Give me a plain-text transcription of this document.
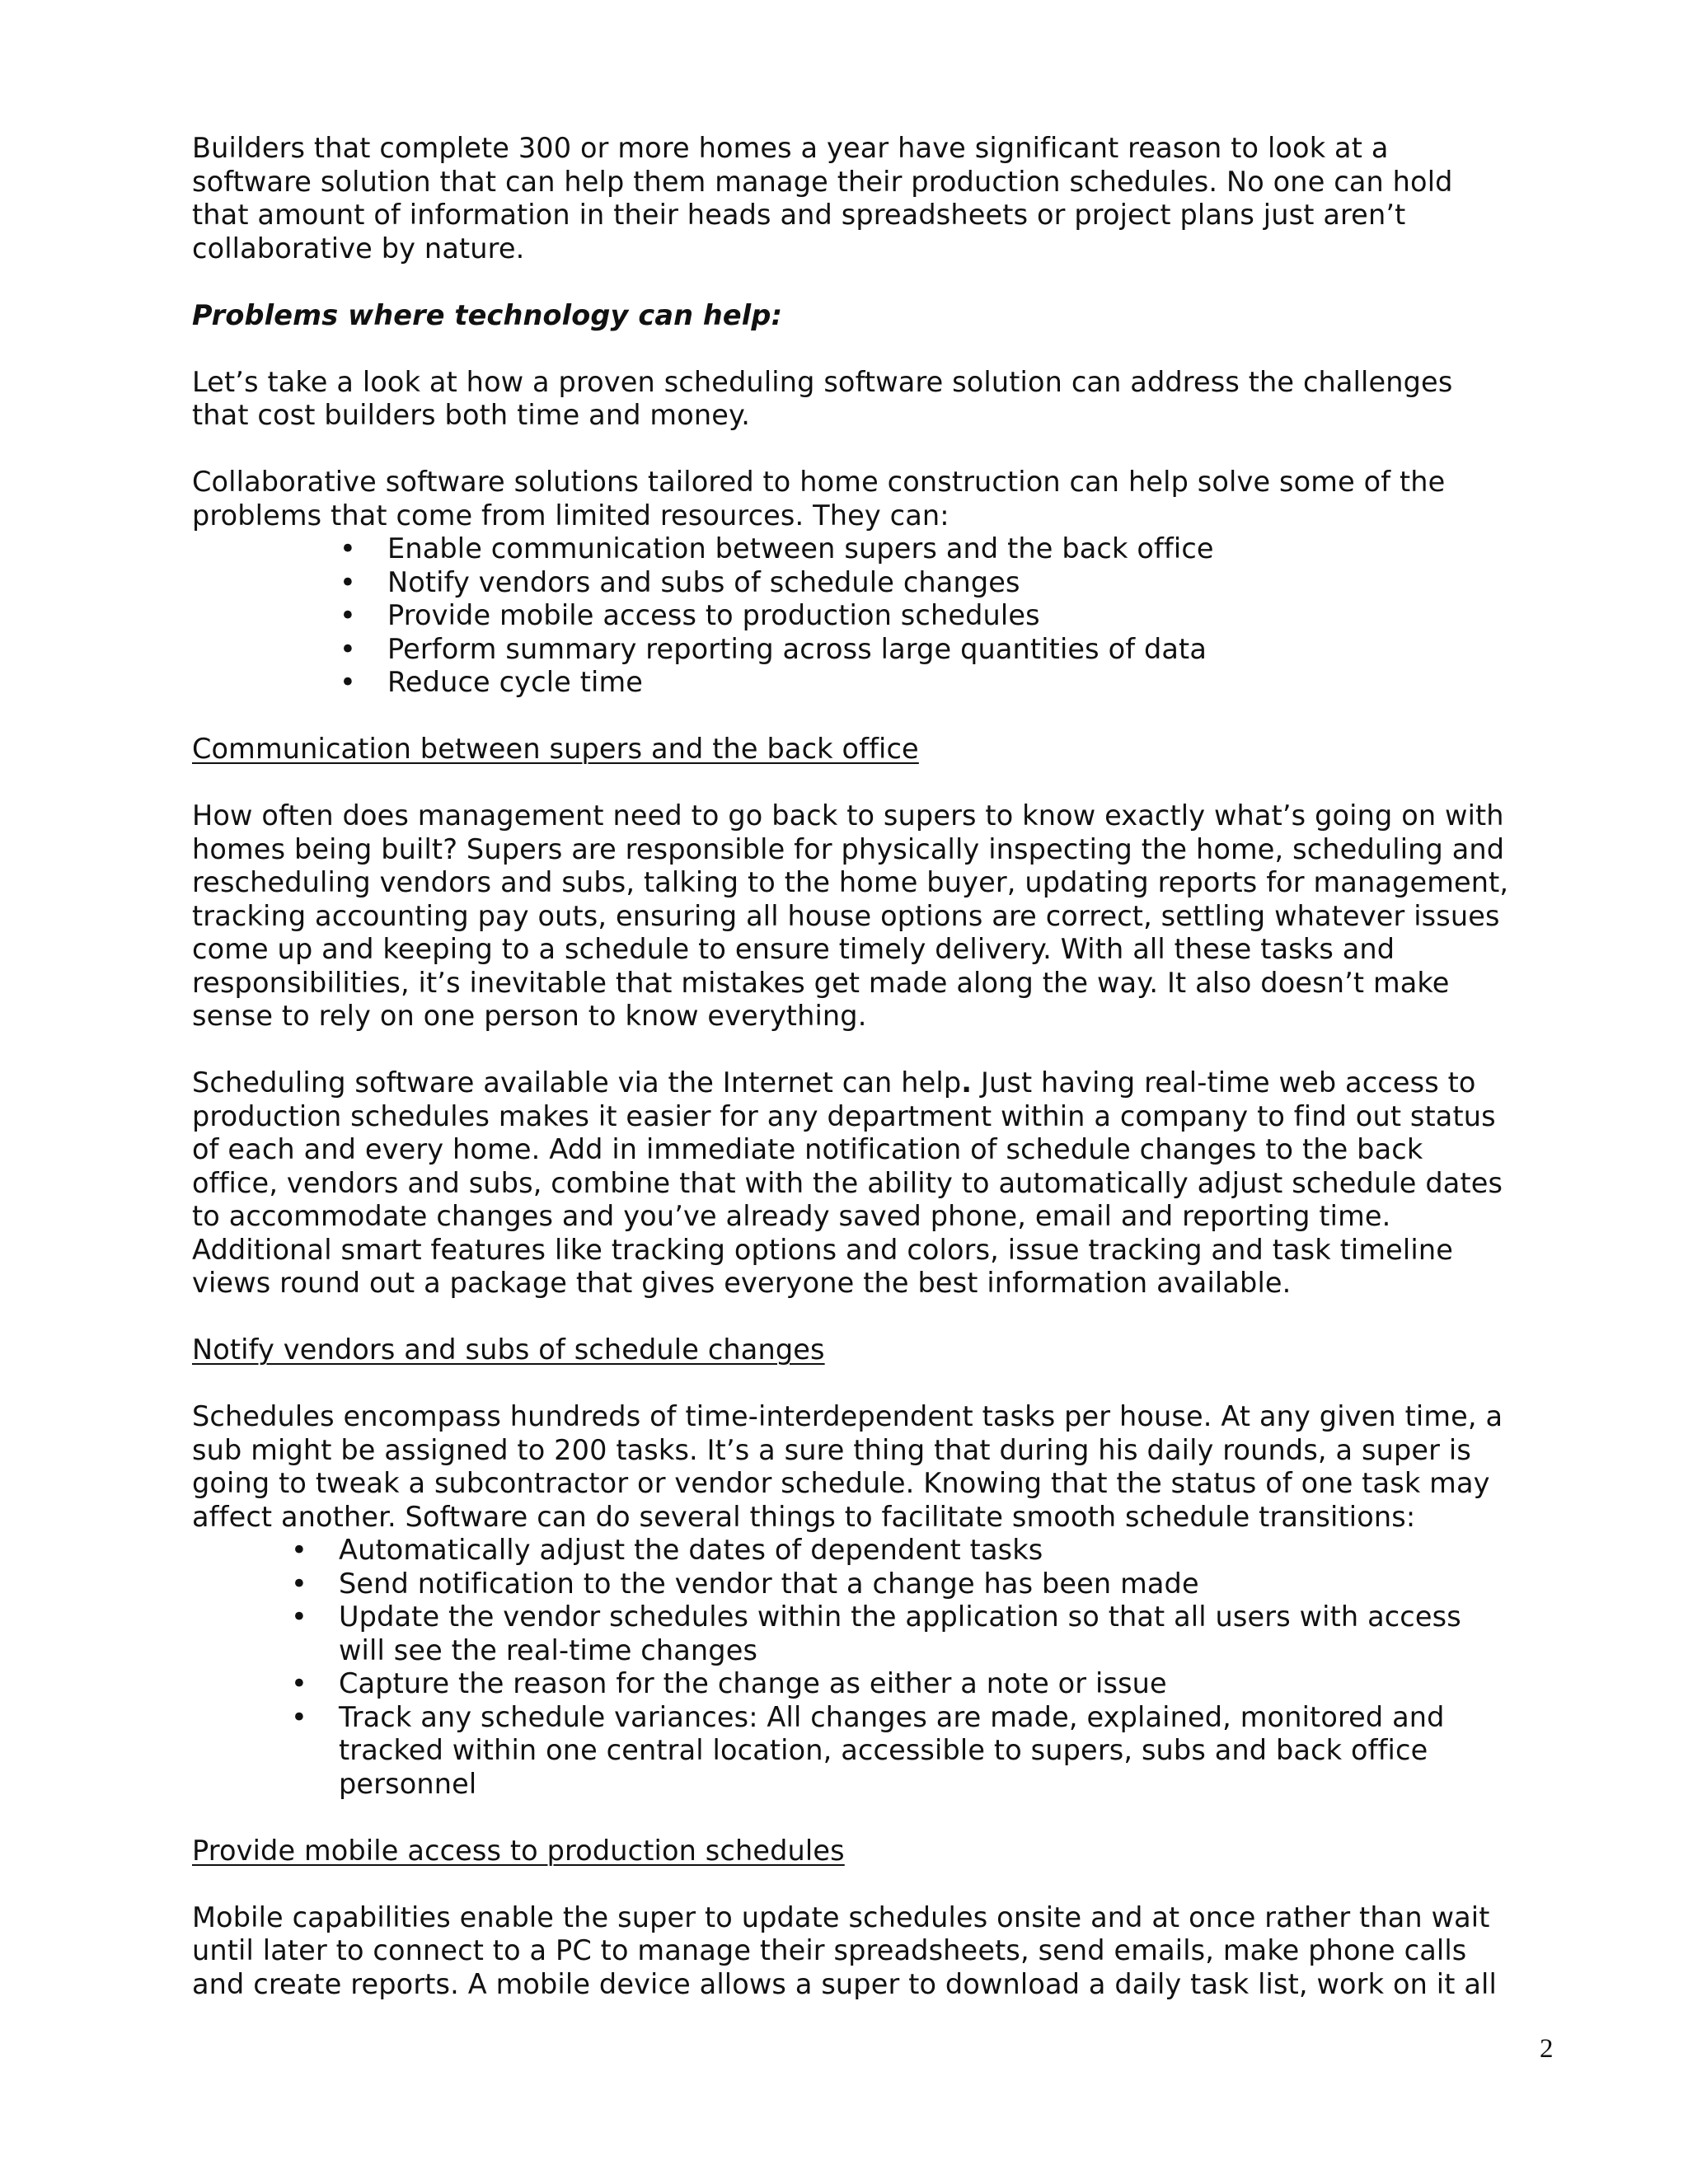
Builders that complete 300 or more homes a year have significant reason to look at a software solution that can help them manage their production schedules. No one can hold that amount of information in their heads and spreadsheets or project plans just aren’t collaborative by nature.

Problems where technology can help:

Let’s take a look at how a proven scheduling software solution can address the challenges that cost builders both time and money.

Collaborative software solutions tailored to home construction can help solve some of the problems that come from limited resources. They can:

• Enable communication between supers and the back office
• Notify vendors and subs of schedule changes
• Provide mobile access to production schedules
• Perform summary reporting across large quantities of data
• Reduce cycle time

Communication between supers and the back office

How often does management need to go back to supers to know exactly what’s going on with homes being built? Supers are responsible for physically inspecting the home, scheduling and rescheduling vendors and subs, talking to the home buyer, updating reports for management, tracking accounting pay outs, ensuring all house options are correct, settling whatever issues come up and keeping to a schedule to ensure timely delivery. With all these tasks and responsibilities, it’s inevitable that mistakes get made along the way. It also doesn’t make sense to rely on one person to know everything.

Scheduling software available via the Internet can help. Just having real-time web access to production schedules makes it easier for any department within a company to find out status of each and every home. Add in immediate notification of schedule changes to the back office, vendors and subs, combine that with the ability to automatically adjust schedule dates to accommodate changes and you’ve already saved phone, email and reporting time. Additional smart features like tracking options and colors, issue tracking and task timeline views round out a package that gives everyone the best information available.

Notify vendors and subs of schedule changes

Schedules encompass hundreds of time-interdependent tasks per house. At any given time, a sub might be assigned to 200 tasks. It’s a sure thing that during his daily rounds, a super is going to tweak a subcontractor or vendor schedule. Knowing that the status of one task may affect another. Software can do several things to facilitate smooth schedule transitions:

• Automatically adjust the dates of dependent tasks
• Send notification to the vendor that a change has been made
• Update the vendor schedules within the application so that all users with access will see the real-time changes
• Capture the reason for the change as either a note or issue
• Track any schedule variances: All changes are made, explained, monitored and tracked within one central location, accessible to supers, subs and back office personnel

Provide mobile access to production schedules

Mobile capabilities enable the super to update schedules onsite and at once rather than wait until later to connect to a PC to manage their spreadsheets, send emails, make phone calls and create reports. A mobile device allows a super to download a daily task list, work on it all

2
